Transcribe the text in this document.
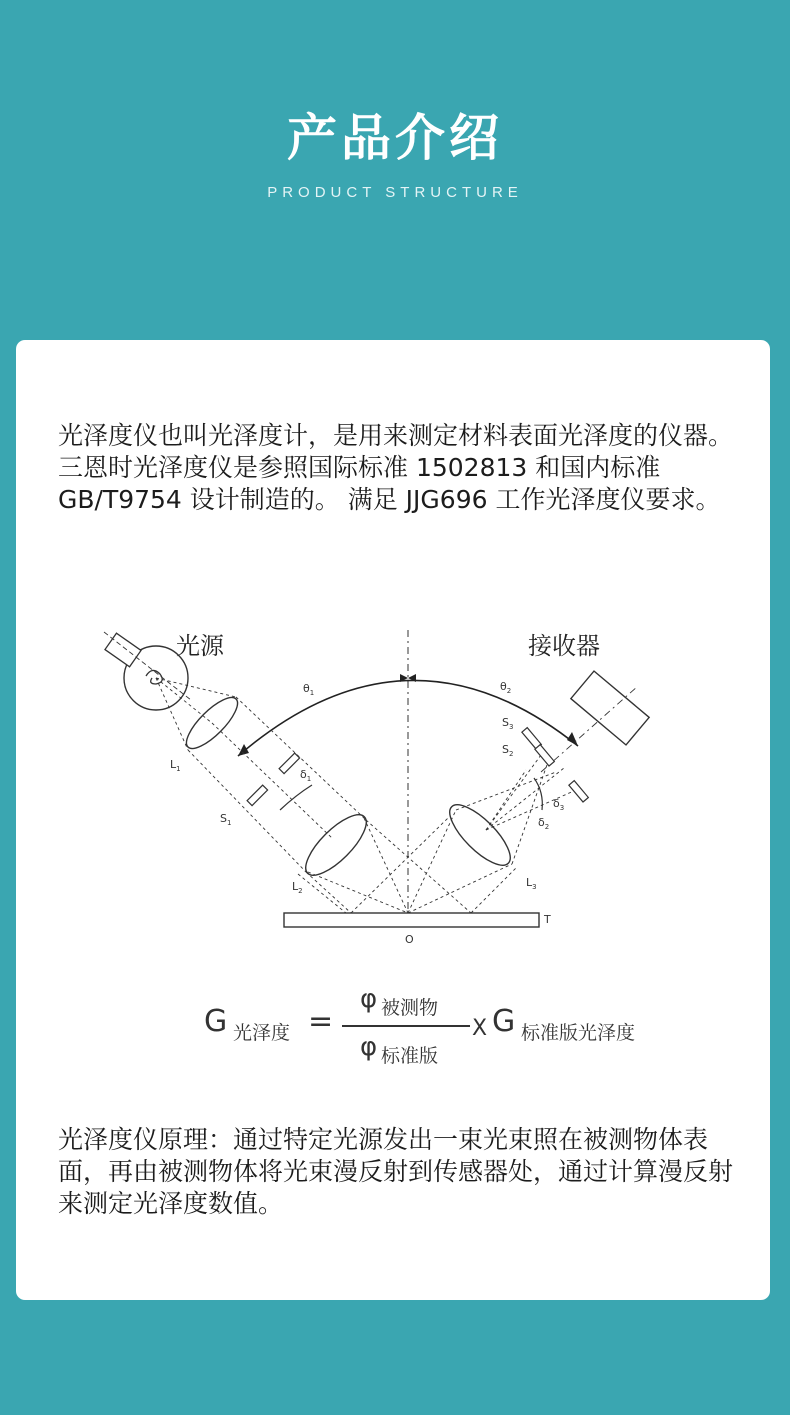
产品介绍
PRODUCT STRUCTURE
光泽度仪也叫光泽度计，是用来测定材料表面光泽度的仪器。 三恩时光泽度仪是参照国际标准 1502813 和国内标准 GB/T9754 设计制造的。 满足 JJG696 工作光泽度仪要求。
光源	接收器
$\theta_1$	$\theta_2$
$\delta_1$
$\delta_3$
$\delta_2$
$S_3$
$S_2$
$S_1$
$L_1$
$L_2$
$L_3$
T
O
G 光泽度 =
φ 被测物
φ 标准版
X G 标准版光泽度
光泽度仪原理：通过特定光源发出一束光束照在被测物体表面，再由被测物体将光束漫反射到传感器处，通过计算漫反射来测定光泽度数值。
